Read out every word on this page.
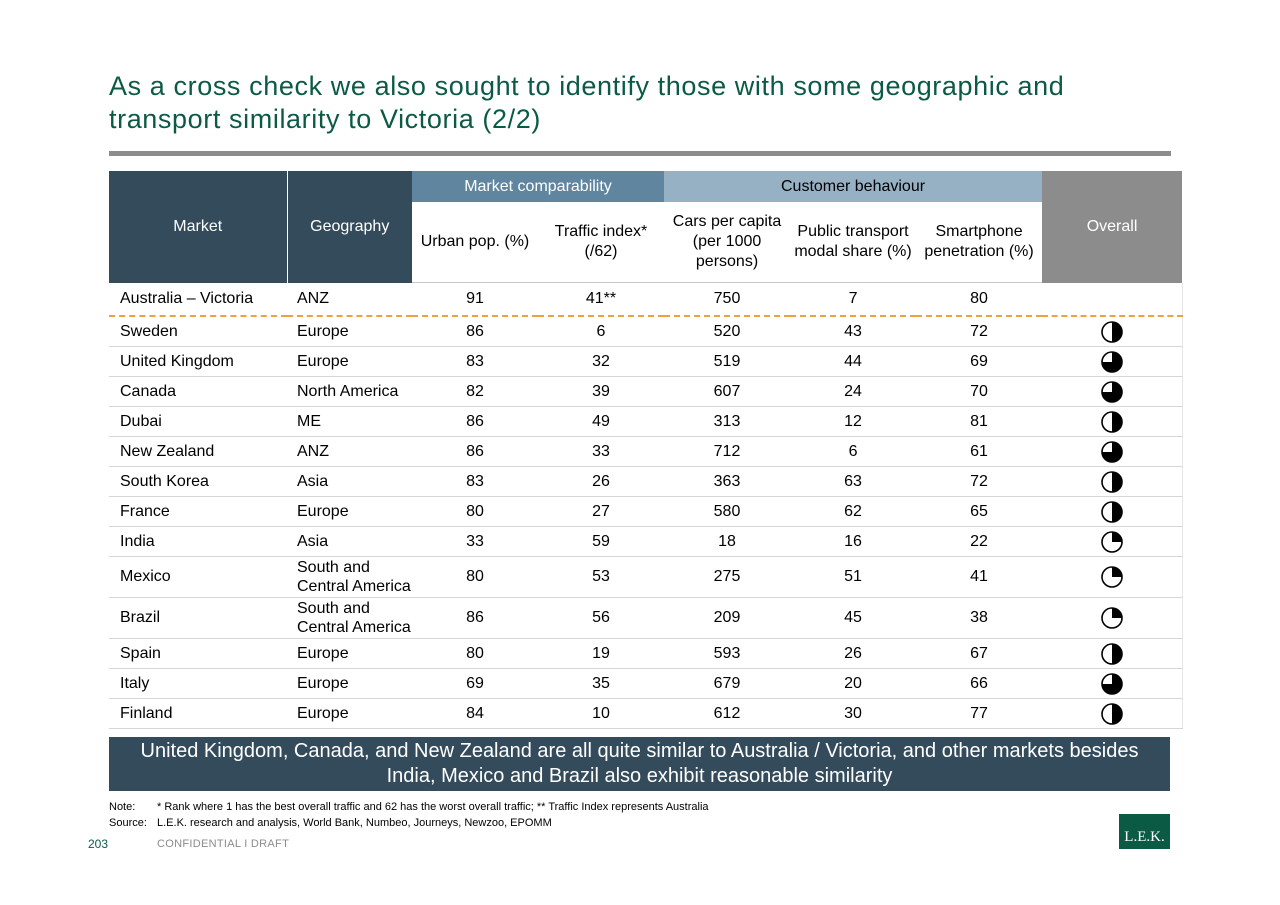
As a cross check we also sought to identify those with some geographic and transport similarity to Victoria (2/2)
Market	Geography	Market comparability		Customer behaviour			Overall
		Urban pop. (%)	Traffic index* (/62)	Cars per capita (per 1000 persons)	Public transport modal share (%)	Smartphone penetration (%)	
Australia – Victoria	ANZ	91	41**	750	7	80	
Sweden	Europe	86	6	520	43	72	
United Kingdom	Europe	83	32	519	44	69	
Canada	North America	82	39	607	24	70	
Dubai	ME	86	49	313	12	81	
New Zealand	ANZ	86	33	712	6	61	
South Korea	Asia	83	26	363	63	72	
France	Europe	80	27	580	62	65	
India	Asia	33	59	18	16	22	
Mexico	South and Central America	80	53	275	51	41	
Brazil	South and Central America	86	56	209	45	38	
Spain	Europe	80	19	593	26	67	
Italy	Europe	69	35	679	20	66	
Finland	Europe	84	10	612	30	77	
United Kingdom, Canada, and New Zealand are all quite similar to Australia / Victoria, and other markets besides India, Mexico and Brazil also exhibit reasonable similarity
Note: * Rank where 1 has the best overall traffic and 62 has the worst overall traffic; ** Traffic Index represents Australia
Source: L.E.K. research and analysis, World Bank, Numbeo, Journeys, Newzoo, EPOMM
203	CONFIDENTIAL I DRAFT	L.E.K.
